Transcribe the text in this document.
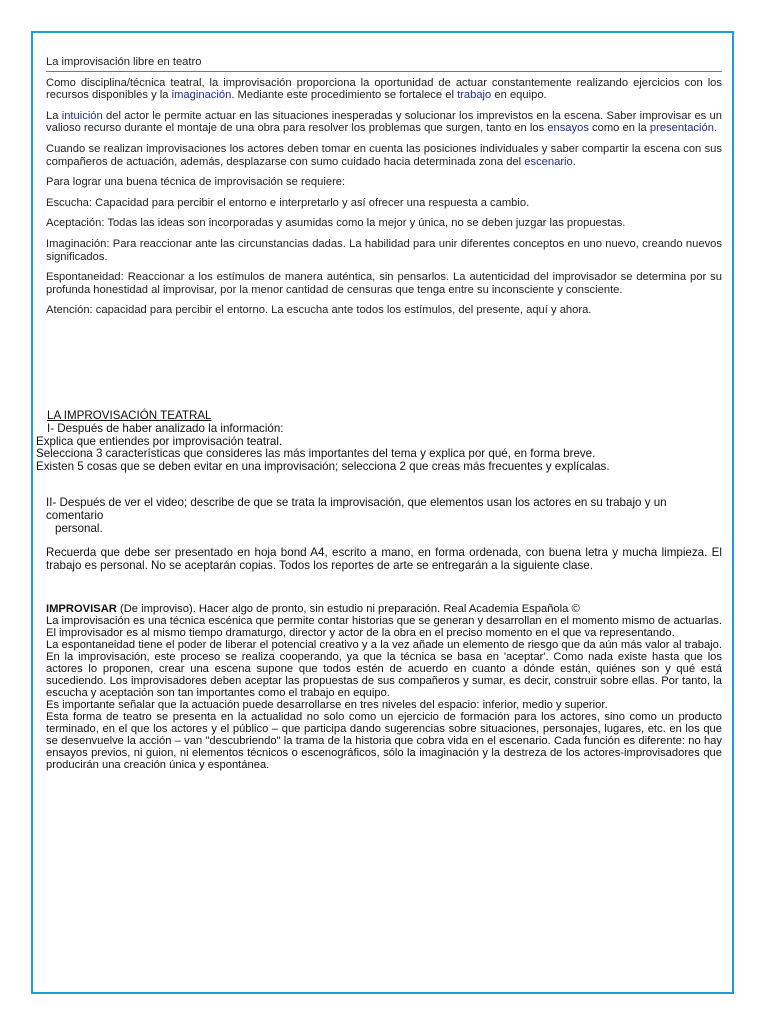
La improvisación libre en teatro

Como disciplina/técnica teatral, la improvisación proporciona la oportunidad de actuar constantemente realizando ejercicios con los recursos disponibles y la imaginación. Mediante este procedimiento se fortalece el trabajo en equipo.

La intuición del actor le permite actuar en las situaciones inesperadas y solucionar los imprevistos en la escena. Saber improvisar es un valioso recurso durante el montaje de una obra para resolver los problemas que surgen, tanto en los ensayos como en la presentación.

Cuando se realizan improvisaciones los actores deben tomar en cuenta las posiciones individuales y saber compartir la escena con sus compañeros de actuación, además, desplazarse con sumo cuidado hacia determinada zona del escenario.

Para lograr una buena técnica de improvisación se requiere:

Escucha: Capacidad para percibir el entorno e interpretarlo y así ofrecer una respuesta a cambio.

Aceptación: Todas las ideas son incorporadas y asumidas como la mejor y única, no se deben juzgar las propuestas.

Imaginación: Para reaccionar ante las circunstancias dadas. La habilidad para unir diferentes conceptos en uno nuevo, creando nuevos significados.

Espontaneidad: Reaccionar a los estímulos de manera auténtica, sin pensarlos. La autenticidad del improvisador se determina por su profunda honestidad al improvisar, por la menor cantidad de censuras que tenga entre su inconsciente y consciente.

Atención: capacidad para percibir el entorno. La escucha ante todos los estímulos, del presente, aquí y ahora.

LA IMPROVISACIÓN TEATRAL
I- Después de haber analizado la información:
Explica que entiendes por improvisación teatral.
Selecciona 3 características que consideres las más importantes del tema y explica por qué, en forma breve.
Existen 5 cosas que se deben evitar en una improvisación; selecciona 2 que creas más frecuentes y explícalas.
II- Después de ver el video; describe de que se trata la improvisación, que elementos usan los actores en su trabajo y un comentario
personal.

Recuerda que debe ser presentado en hoja bond A4, escrito a mano, en forma ordenada, con buena letra y mucha limpieza. El trabajo es personal. No se aceptarán copias. Todos los reportes de arte se entregarán a la siguiente clase.

IMPROVISAR (De improviso). Hacer algo de pronto, sin estudio ni preparación. Real Academia Española ©

La improvisación es una técnica escénica que permite contar historias que se generan y desarrollan en el momento mismo de actuarlas. El improvisador es al mismo tiempo dramaturgo, director y actor de la obra en el preciso momento en el que va representando.

La espontaneidad tiene el poder de liberar el potencial creativo y a la vez añade un elemento de riesgo que da aún más valor al trabajo. En la improvisación, este proceso se realiza cooperando, ya que la técnica se basa en 'aceptar'. Como nada existe hasta que los actores lo proponen, crear una escena supone que todos estén de acuerdo en cuanto a dónde están, quiénes son y qué está sucediendo. Los improvisadores deben aceptar las propuestas de sus compañeros y sumar, es decir, construir sobre ellas. Por tanto, la escucha y aceptación son tan importantes como el trabajo en equipo.

Es importante señalar que la actuación puede desarrollarse en tres niveles del espacio: inferior, medio y superior.

Esta forma de teatro se presenta en la actualidad no solo como un ejercicio de formación para los actores, sino como un producto terminado, en el que los actores y el público – que participa dando sugerencias sobre situaciones, personajes, lugares, etc. en los que se desenvuelve la acción – van "descubriendo" la trama de la historia que cobra vida en el escenario. Cada función es diferente: no hay ensayos previos, ni guion, ni elementos técnicos o escenográficos, sólo la imaginación y la destreza de los actores-improvisadores que producirán una creación única y espontánea.
